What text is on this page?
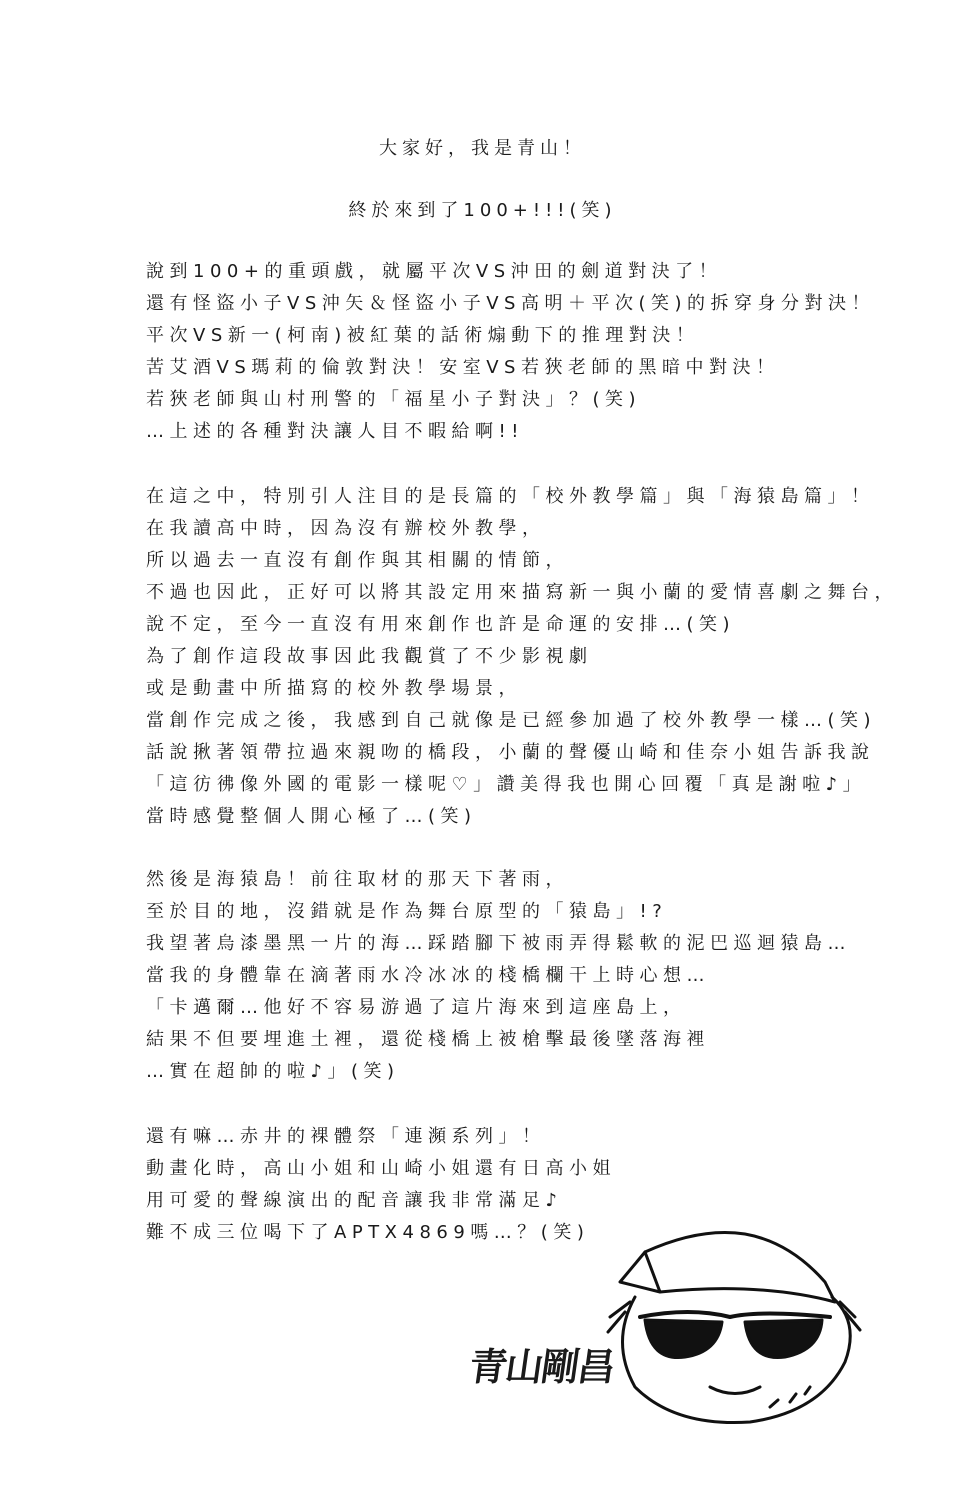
大家好，我是青山！
終於來到了100+!!!(笑)
說到100+的重頭戲，就屬平次VS沖田的劍道對決了！
還有怪盜小子VS沖矢＆怪盜小子VS高明＋平次(笑)的拆穿身分對決！
平次VS新一(柯南)被紅葉的話術煽動下的推理對決！
苦艾酒VS瑪莉的倫敦對決！安室VS若狹老師的黑暗中對決！
若狹老師與山村刑警的「福星小子對決」？(笑)
…上述的各種對決讓人目不暇給啊!!
在這之中，特別引人注目的是長篇的「校外教學篇」與「海猿島篇」！
在我讀高中時，因為沒有辦校外教學，
所以過去一直沒有創作與其相關的情節，
不過也因此，正好可以將其設定用來描寫新一與小蘭的愛情喜劇之舞台，
說不定，至今一直沒有用來創作也許是命運的安排…(笑)
為了創作這段故事因此我觀賞了不少影視劇
或是動畫中所描寫的校外教學場景，
當創作完成之後，我感到自己就像是已經參加過了校外教學一樣…(笑)
話說揪著領帶拉過來親吻的橋段，小蘭的聲優山崎和佳奈小姐告訴我說
「這彷彿像外國的電影一樣呢♡」讚美得我也開心回覆「真是謝啦♪」
當時感覺整個人開心極了…(笑)
然後是海猿島！前往取材的那天下著雨，
至於目的地，沒錯就是作為舞台原型的「猿島」!?
我望著烏漆墨黑一片的海…踩踏腳下被雨弄得鬆軟的泥巴巡迴猿島…
當我的身體靠在滴著雨水冷冰冰的棧橋欄干上時心想…
「卡邁爾…他好不容易游過了這片海來到這座島上，
結果不但要埋進土裡，還從棧橋上被槍擊最後墜落海裡
…實在超帥的啦♪」(笑)
還有嘛…赤井的裸體祭「連瀕系列」！
動畫化時，高山小姐和山崎小姐還有日高小姐
用可愛的聲線演出的配音讓我非常滿足♪
難不成三位喝下了APTX4869嗎…？(笑)
青山剛昌
